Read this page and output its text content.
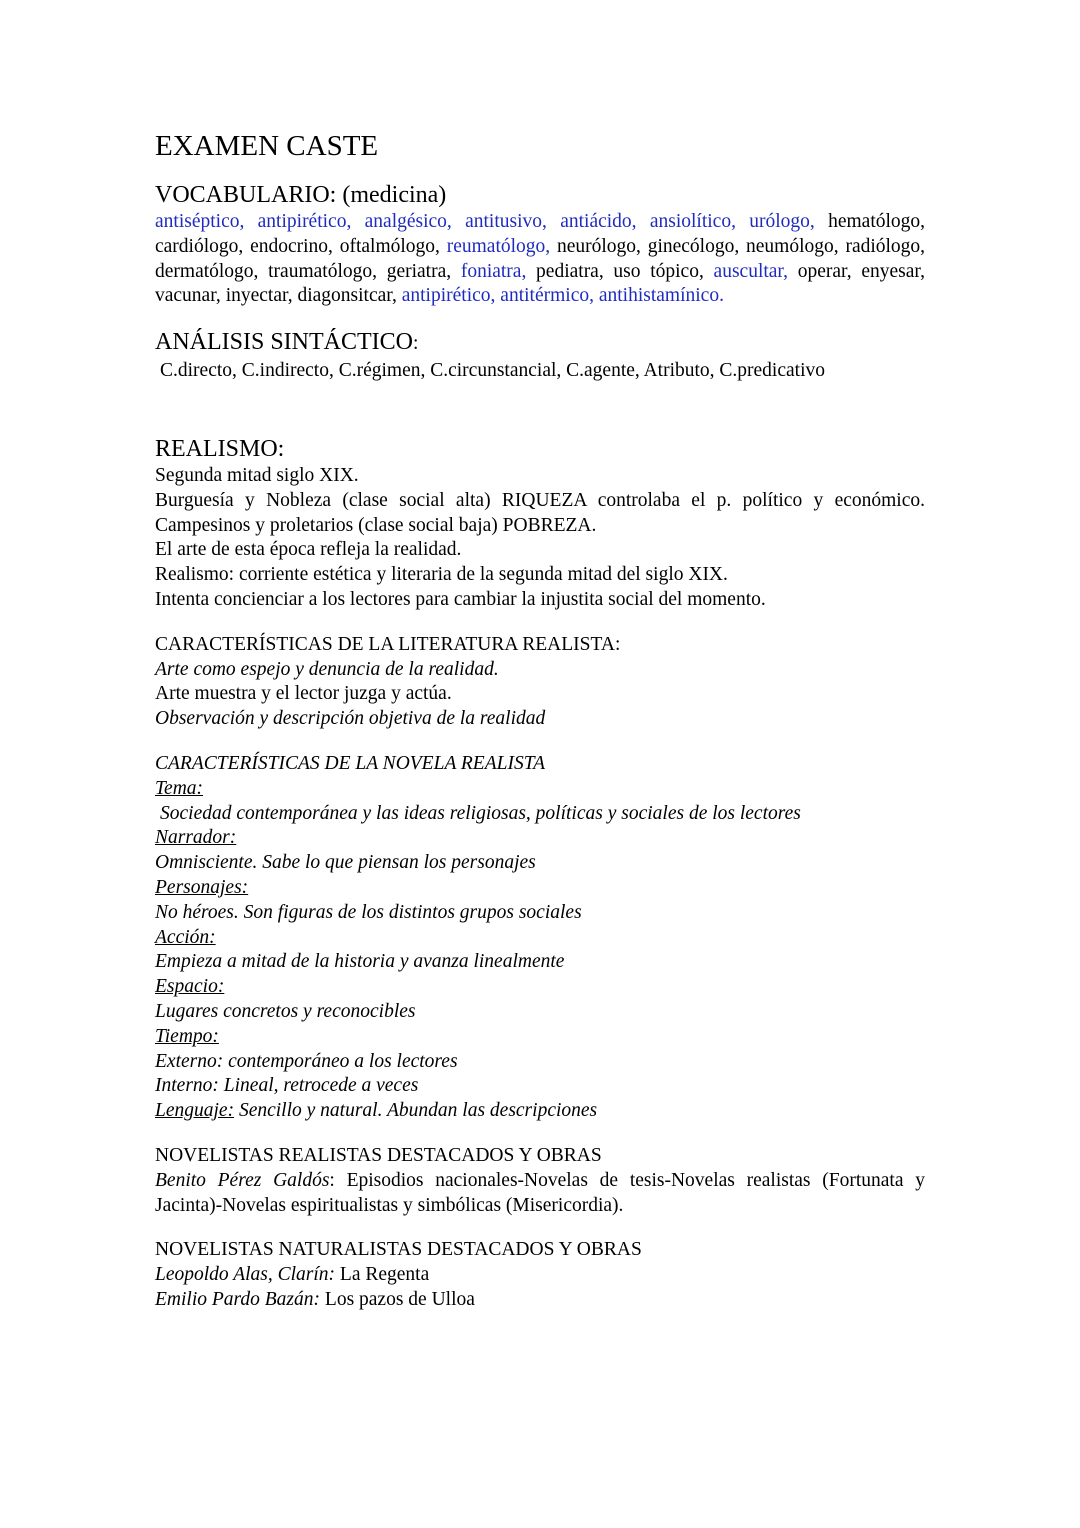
EXAMEN CASTE
VOCABULARIO: (medicina)

antiséptico, antipirético, analgésico, antitusivo, antiácido, ansiolítico, urólogo, hematólogo, cardiólogo, endocrino, oftalmólogo, reumatólogo, neurólogo, ginecólogo, neumólogo, radiólogo, dermatólogo, traumatólogo, geriatra, foniatra, pediatra, uso tópico, auscultar, operar, enyesar, vacunar, inyectar, diagonsitcar, antipirético, antitérmico, antihistamínico.

ANÁLISIS SINTÁCTICO:

C.directo, C.indirecto, C.régimen, C.circunstancial, C.agente, Atributo, C.predicativo

REALISMO:

Segunda mitad siglo XIX.

Burguesía y Nobleza (clase social alta) RIQUEZA controlaba el p. político y económico. Campesinos y proletarios (clase social baja) POBREZA.

El arte de esta época refleja la realidad.

Realismo: corriente estética y literaria de la segunda mitad del siglo XIX.

Intenta concienciar a los lectores para cambiar la injustita social del momento.

CARACTERÍSTICAS DE LA LITERATURA REALISTA:

Arte como espejo y denuncia de la realidad.

Arte muestra y el lector juzga y actúa.

Observación y descripción objetiva de la realidad

CARACTERÍSTICAS DE LA NOVELA REALISTA

Tema:

Sociedad contemporánea y las ideas religiosas, políticas y sociales de los lectores

Narrador:

Omnisciente. Sabe lo que piensan los personajes

Personajes:

No héroes. Son figuras de los distintos grupos sociales

Acción:

Empieza a mitad de la historia y avanza linealmente

Espacio:

Lugares concretos y reconocibles

Tiempo:

Externo: contemporáneo a los lectores

Interno: Lineal, retrocede a veces

Lenguaje: Sencillo y natural. Abundan las descripciones

NOVELISTAS REALISTAS DESTACADOS Y OBRAS

Benito Pérez Galdós: Episodios nacionales-Novelas de tesis-Novelas realistas (Fortunata y Jacinta)-Novelas espiritualistas y simbólicas (Misericordia).

NOVELISTAS NATURALISTAS DESTACADOS Y OBRAS

Leopoldo Alas, Clarín: La Regenta

Emilio Pardo Bazán: Los pazos de Ulloa
